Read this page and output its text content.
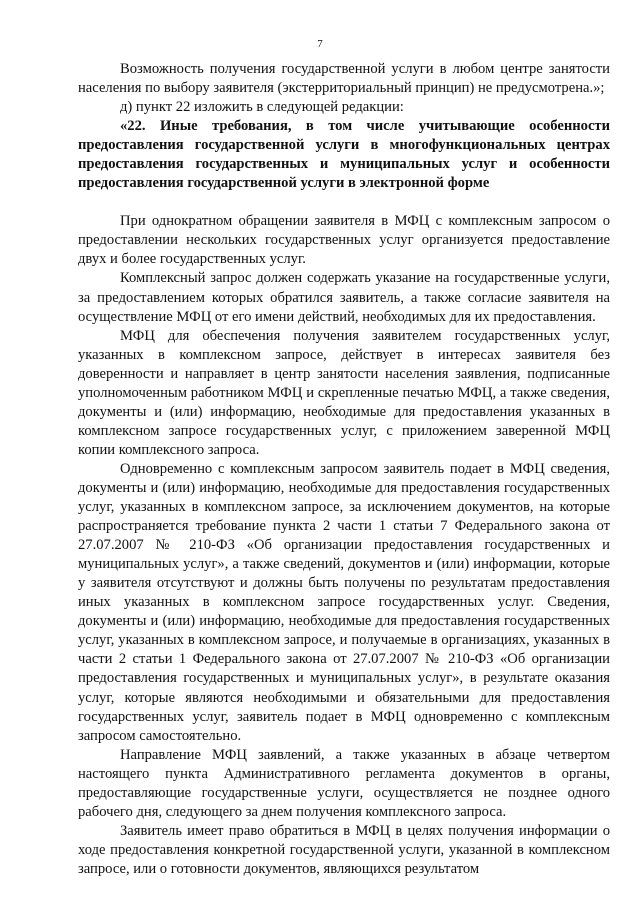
7

Возможность получения государственной услуги в любом центре занятости населения по выбору заявителя (экстерриториальный принцип) не предусмотрена.»;

д) пункт 22 изложить в следующей редакции:

«22. Иные требования, в том числе учитывающие особенности предоставления государственной услуги в многофункциональных центрах предоставления государственных и муниципальных услуг и особенности предоставления государственной услуги в электронной форме

При однократном обращении заявителя в МФЦ с комплексным запросом о предоставлении нескольких государственных услуг организуется предоставление двух и более государственных услуг.

Комплексный запрос должен содержать указание на государственные услуги, за предоставлением которых обратился заявитель, а также согласие заявителя на осуществление МФЦ от его имени действий, необходимых для их предоставления.

МФЦ для обеспечения получения заявителем государственных услуг, указанных в комплексном запросе, действует в интересах заявителя без доверенности и направляет в центр занятости населения заявления, подписанные уполномоченным работником МФЦ и скрепленные печатью МФЦ, а также сведения, документы и (или) информацию, необходимые для предоставления указанных в комплексном запросе государственных услуг, с приложением заверенной МФЦ копии комплексного запроса.

Одновременно с комплексным запросом заявитель подает в МФЦ сведения, документы и (или) информацию, необходимые для предоставления государственных услуг, указанных в комплексном запросе, за исключением документов, на которые распространяется требование пункта 2 части 1 статьи 7 Федерального закона от 27.07.2007 № 210-ФЗ «Об организации предоставления государственных и муниципальных услуг», а также сведений, документов и (или) информации, которые у заявителя отсутствуют и должны быть получены по результатам предоставления иных указанных в комплексном запросе государственных услуг. Сведения, документы и (или) информацию, необходимые для предоставления государственных услуг, указанных в комплексном запросе, и получаемые в организациях, указанных в части 2 статьи 1 Федерального закона от 27.07.2007 № 210-ФЗ «Об организации предоставления государственных и муниципальных услуг», в результате оказания услуг, которые являются необходимыми и обязательными для предоставления государственных услуг, заявитель подает в МФЦ одновременно с комплексным запросом самостоятельно.

Направление МФЦ заявлений, а также указанных в абзаце четвертом настоящего пункта Административного регламента документов в органы, предоставляющие государственные услуги, осуществляется не позднее одного рабочего дня, следующего за днем получения комплексного запроса.

Заявитель имеет право обратиться в МФЦ в целях получения информации о ходе предоставления конкретной государственной услуги, указанной в комплексном запросе, или о готовности документов, являющихся результатом
